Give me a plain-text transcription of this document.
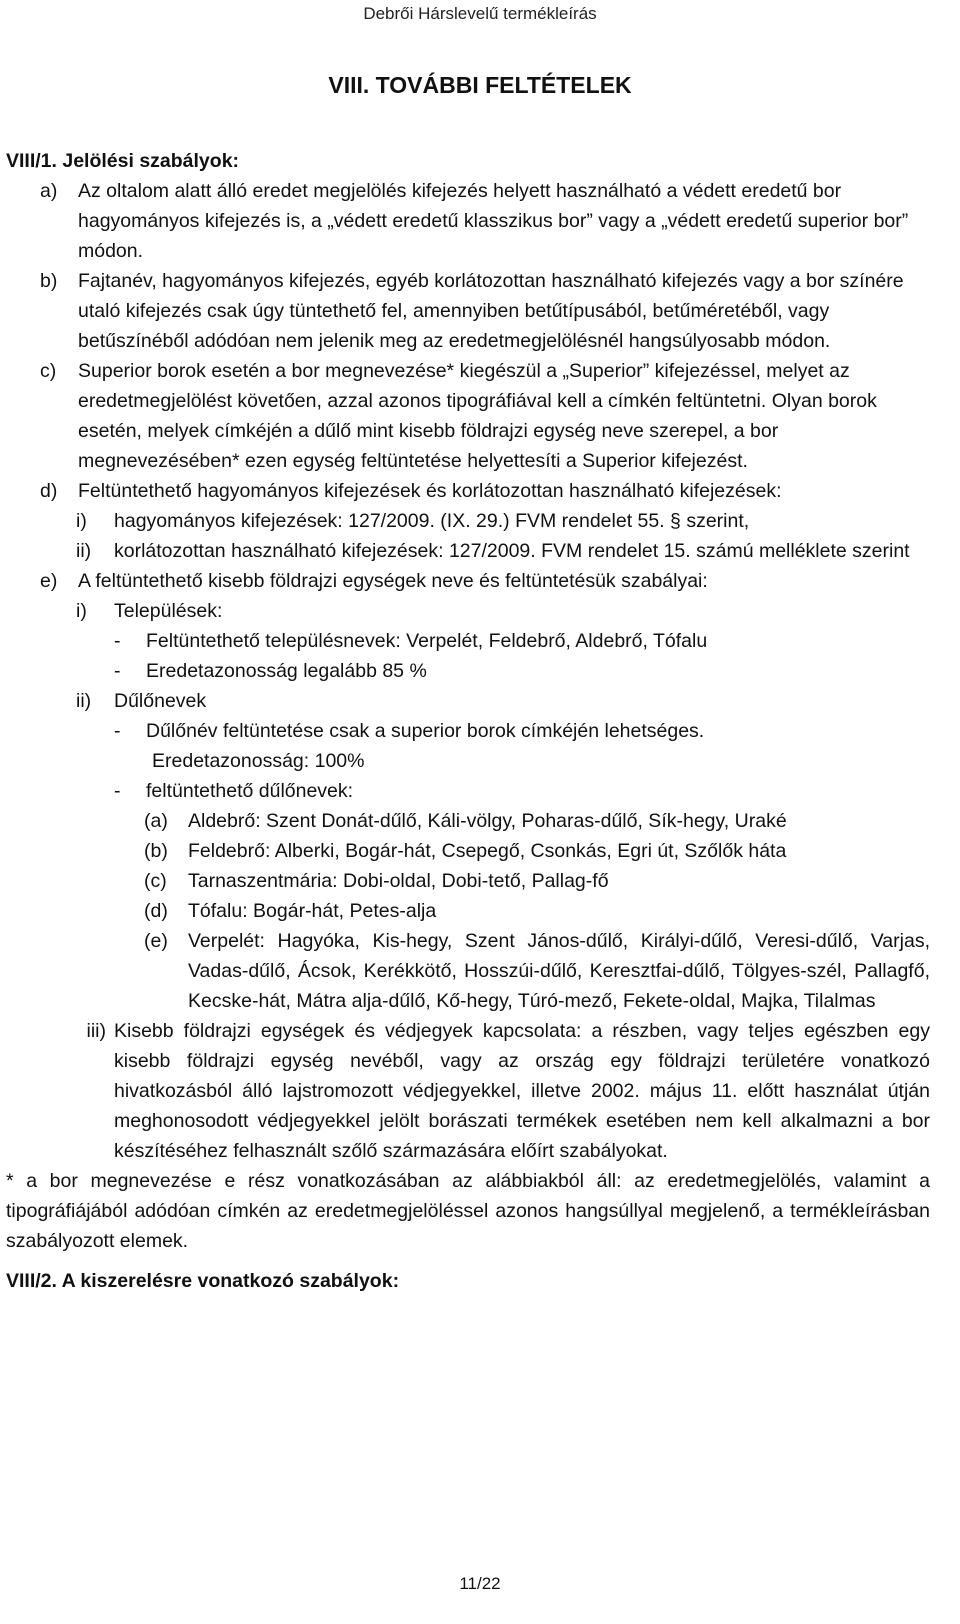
Debrői Hárslevelű termékleírás
VIII. TOVÁBBI FELTÉTELEK
VIII/1. Jelölési szabályok:
a)	Az oltalom alatt álló eredet megjelölés kifejezés helyett használható a védett eredetű bor hagyományos kifejezés is, a „védett eredetű klasszikus bor” vagy a „védett eredetű superior bor” módon.
b)	Fajtanév, hagyományos kifejezés, egyéb korlátozottan használható kifejezés vagy a bor színére utaló kifejezés csak úgy tüntethető fel, amennyiben betűtípusából, betűméretéből, vagy betűszínéből adódóan nem jelenik meg az eredetmegjelölésnél hangsúlyosabb módon.
c)	Superior borok esetén a bor megnevezése* kiegészül a „Superior” kifejezéssel, melyet az eredetmegjelölést követően, azzal azonos tipográfiával kell a címkén feltüntetni. Olyan borok esetén, melyek címkéjén a dűlő mint kisebb földrajzi egység neve szerepel, a bor megnevezésében* ezen egység feltüntetése helyettesíti a Superior kifejezést.
d)	Feltüntethető hagyományos kifejezések és korlátozottan használható kifejezések:
i)	hagyományos kifejezések: 127/2009. (IX. 29.) FVM rendelet 55. § szerint,
ii)	korlátozottan használható kifejezések: 127/2009. FVM rendelet 15. számú melléklete szerint
e)	A feltüntethető kisebb földrajzi egységek neve és feltüntetésük szabályai:
i)	Települések:
-	Feltüntethető településnevek: Verpelét, Feldebrő, Aldebrő, Tófalu
-	Eredetazonosság legalább 85 %
ii)	Dűlőnevek
-	Dűlőnév feltüntetése csak a superior borok címkéjén lehetséges.
Eredetazonosság: 100%
-	feltüntethető dűlőnevek:
(a)	Aldebrő: Szent Donát-dűlő, Káli-völgy, Poharas-dűlő, Sík-hegy, Uraké
(b)	Feldebrő: Alberki, Bogár-hát, Csepegő, Csonkás, Egri út, Szőlők háta
(c)	Tarnaszentmária: Dobi-oldal, Dobi-tető, Pallag-fő
(d)	Tófalu: Bogár-hát, Petes-alja
(e)	Verpelét: Hagyóka, Kis-hegy, Szent János-dűlő, Királyi-dűlő, Veresi-dűlő, Varjas, Vadas-dűlő, Ácsok, Kerékkötő, Hosszúi-dűlő, Keresztfai-dűlő, Tölgyes-szél, Pallagfő, Kecske-hát, Mátra alja-dűlő, Kő-hegy, Túró-mező, Fekete-oldal, Majka, Tilalmas
iii) Kisebb földrajzi egységek és védjegyek kapcsolata: a részben, vagy teljes egészben egy kisebb földrajzi egység nevéből, vagy az ország egy földrajzi területére vonatkozó hivatkozásból álló lajstromozott védjegyekkel, illetve 2002. május 11. előtt használat útján meghonosodott védjegyekkel jelölt borászati termékek esetében nem kell alkalmazni a bor készítéséhez felhasznált szőlő származására előírt szabályokat.
* a bor megnevezése e rész vonatkozásában az alábbiakból áll: az eredetmegjelölés, valamint a tipográfiájából adódóan címkén az eredetmegjelöléssel azonos hangsúllyal megjelenő, a termékleírásban szabályozott elemek.
VIII/2. A kiszerelésre vonatkozó szabályok:
11/22
